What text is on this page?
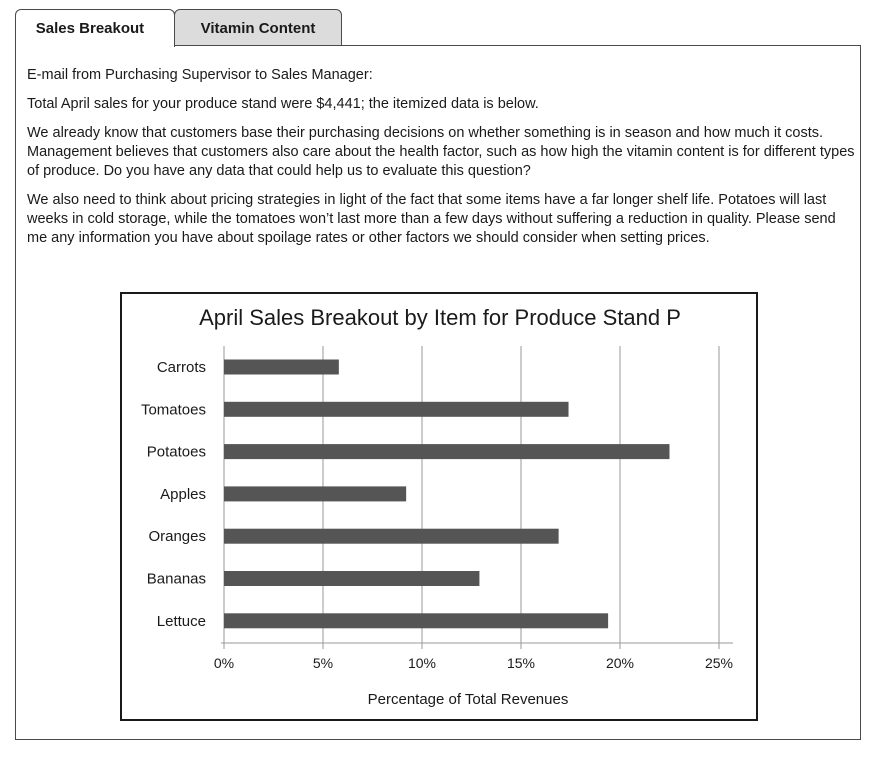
Sales Breakout	Vitamin Content

E-mail from Purchasing Supervisor to Sales Manager:

Total April sales for your produce stand were $4,441; the itemized data is below.

We already know that customers base their purchasing decisions on whether something is in season and how much it costs. Management believes that customers also care about the health factor, such as how high the vitamin content is for different types of produce. Do you have any data that could help us to evaluate this question?

We also need to think about pricing strategies in light of the fact that some items have a far longer shelf life. Potatoes will last weeks in cold storage, while the tomatoes won’t last more than a few days without suffering a reduction in quality. Please send me any information you have about spoilage rates or other factors we should consider when setting prices.

April Sales Breakout by Item for Produce Stand P
Percentage of Total Revenues
0%	5%	10%	15%	20%	25%
Carrots
Tomatoes
Potatoes
Apples
Oranges
Bananas
Lettuce
